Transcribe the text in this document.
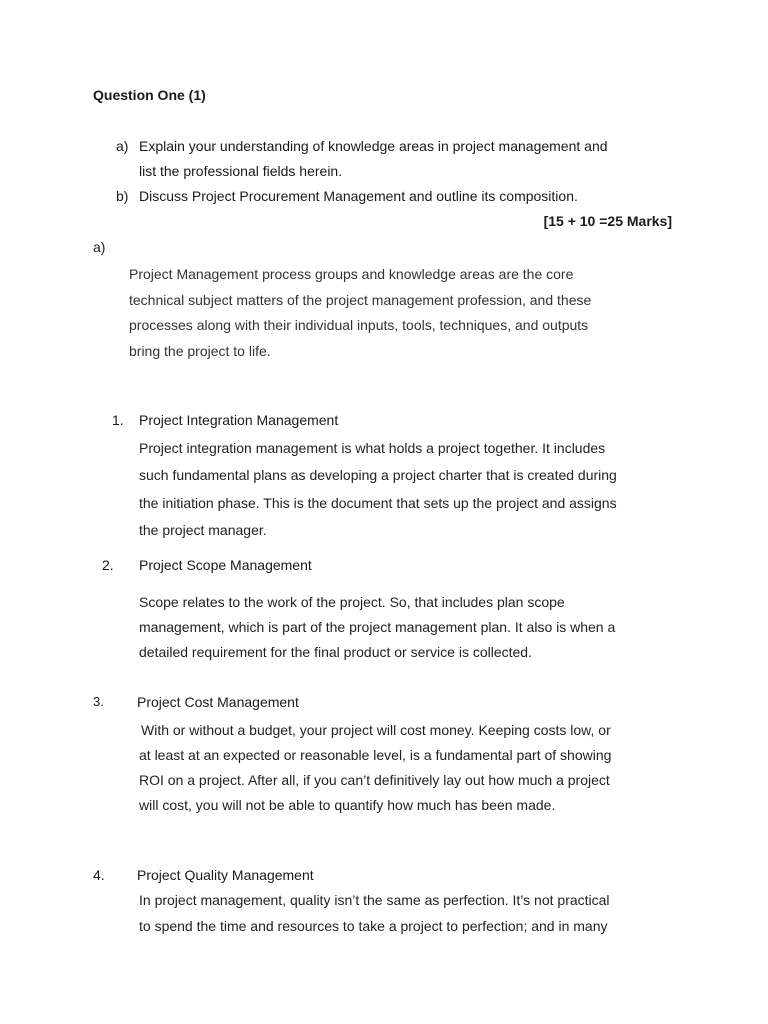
Question One (1)
a) Explain your understanding of knowledge areas in project management and
list the professional fields herein.
b) Discuss Project Procurement Management and outline its composition.
[15 + 10 =25 Marks]
a)
Project Management process groups and knowledge areas are the core
technical subject matters of the project management profession, and these
processes along with their individual inputs, tools, techniques, and outputs
bring the project to life.
1. Project Integration Management
Project integration management is what holds a project together. It includes
such fundamental plans as developing a project charter that is created during
the initiation phase. This is the document that sets up the project and assigns
the project manager.
2. Project Scope Management
Scope relates to the work of the project. So, that includes plan scope
management, which is part of the project management plan. It also is when a
detailed requirement for the final product or service is collected.
3. Project Cost Management
With or without a budget, your project will cost money. Keeping costs low, or
at least at an expected or reasonable level, is a fundamental part of showing
ROI on a project. After all, if you can’t definitively lay out how much a project
will cost, you will not be able to quantify how much has been made.
4. Project Quality Management
In project management, quality isn’t the same as perfection. It’s not practical
to spend the time and resources to take a project to perfection; and in many
